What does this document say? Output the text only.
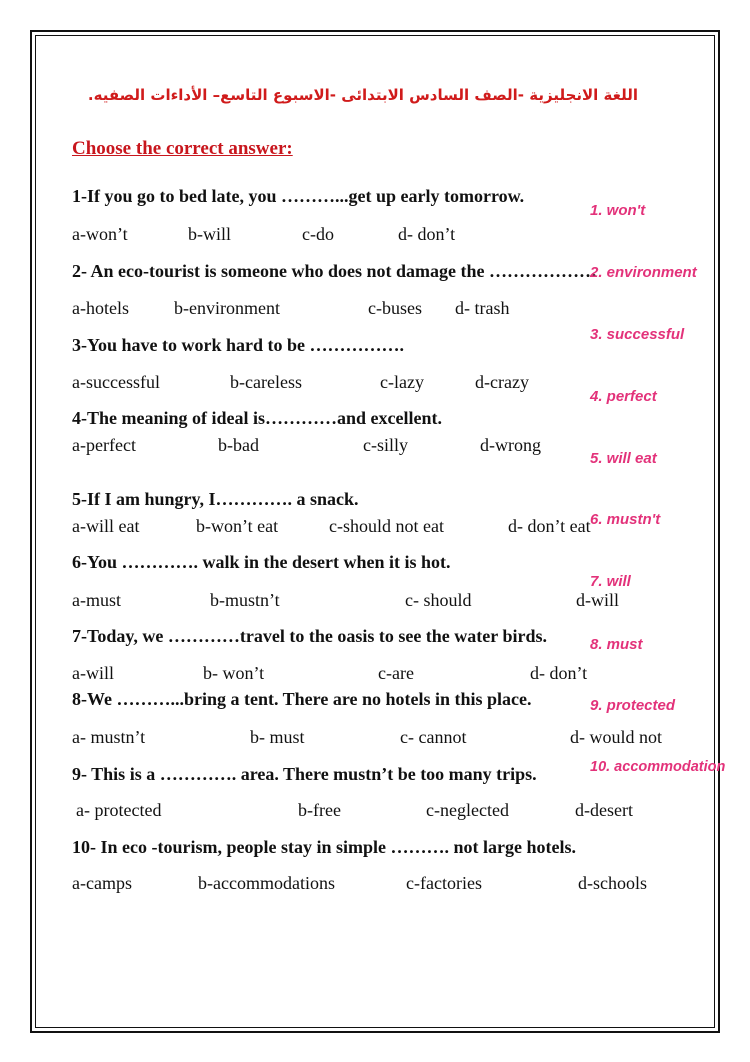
اللغة الانجليزية -الصف السادس الابتدائى -الاسبوع التاسع– الأداءات الصفيه.
Choose the correct answer:
1-If you go to bed late, you ………...get up early tomorrow.
a-won’t	b-will	c-do	d- don’t
2- An eco-tourist is someone who does not damage the ………………
a-hotels	b-environment	c-buses d- trash
3-You have to work hard to be …………….
a-successful	b-careless	c-lazy	d-crazy
4-The meaning of ideal is…………and excellent.
a-perfect	b-bad	c-silly	d-wrong
5-If I am hungry, I…………. a snack.
a-will eat	b-won’t eat	c-should not eat	d- don’t eat
6-You …………. walk in the desert when it is hot.
a-must	b-mustn’t	c- should	d-will
7-Today, we …………travel to the oasis to see the water birds.
a-will	b- won’t	c-are	d- don’t
8-We ………...bring a tent. There are no hotels in this place.
a- mustn’t	b- must	c- cannot	d- would not
9- This is a …………. area. There mustn’t be too many trips.
a- protected	b-free	c-neglected	d-desert
10- In eco -tourism, people stay in simple ………. not large hotels.
a-camps	b-accommodations	c-factories	d-schools
1. won't
2. environment
3. successful
4. perfect
5. will eat
6. mustn't
7. will
8. must
9. protected
10. accommodation
